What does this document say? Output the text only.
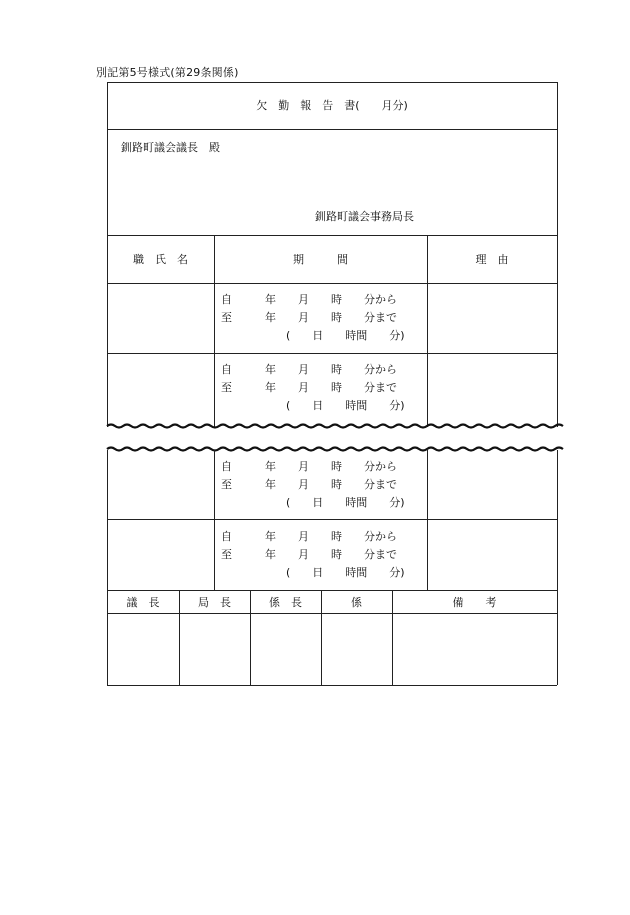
別記第5号様式(第29条関係)
欠　勤　報　告　書(　　月分)
釧路町議会議長　殿
釧路町議会事務局長
職　氏　名	期　　　間	理　由
自　　　年　　月　　時　　分から
至　　　年　　月　　時　　分まで
(　　日　　時間　　分)
自　　　年　　月　　時　　分から
至　　　年　　月　　時　　分まで
(　　日　　時間　　分)
自　　　年　　月　　時　　分から
至　　　年　　月　　時　　分まで
(　　日　　時間　　分)
自　　　年　　月　　時　　分から
至　　　年　　月　　時　　分まで
(　　日　　時間　　分)
議　長	局　長	係　長	係	備　　考
